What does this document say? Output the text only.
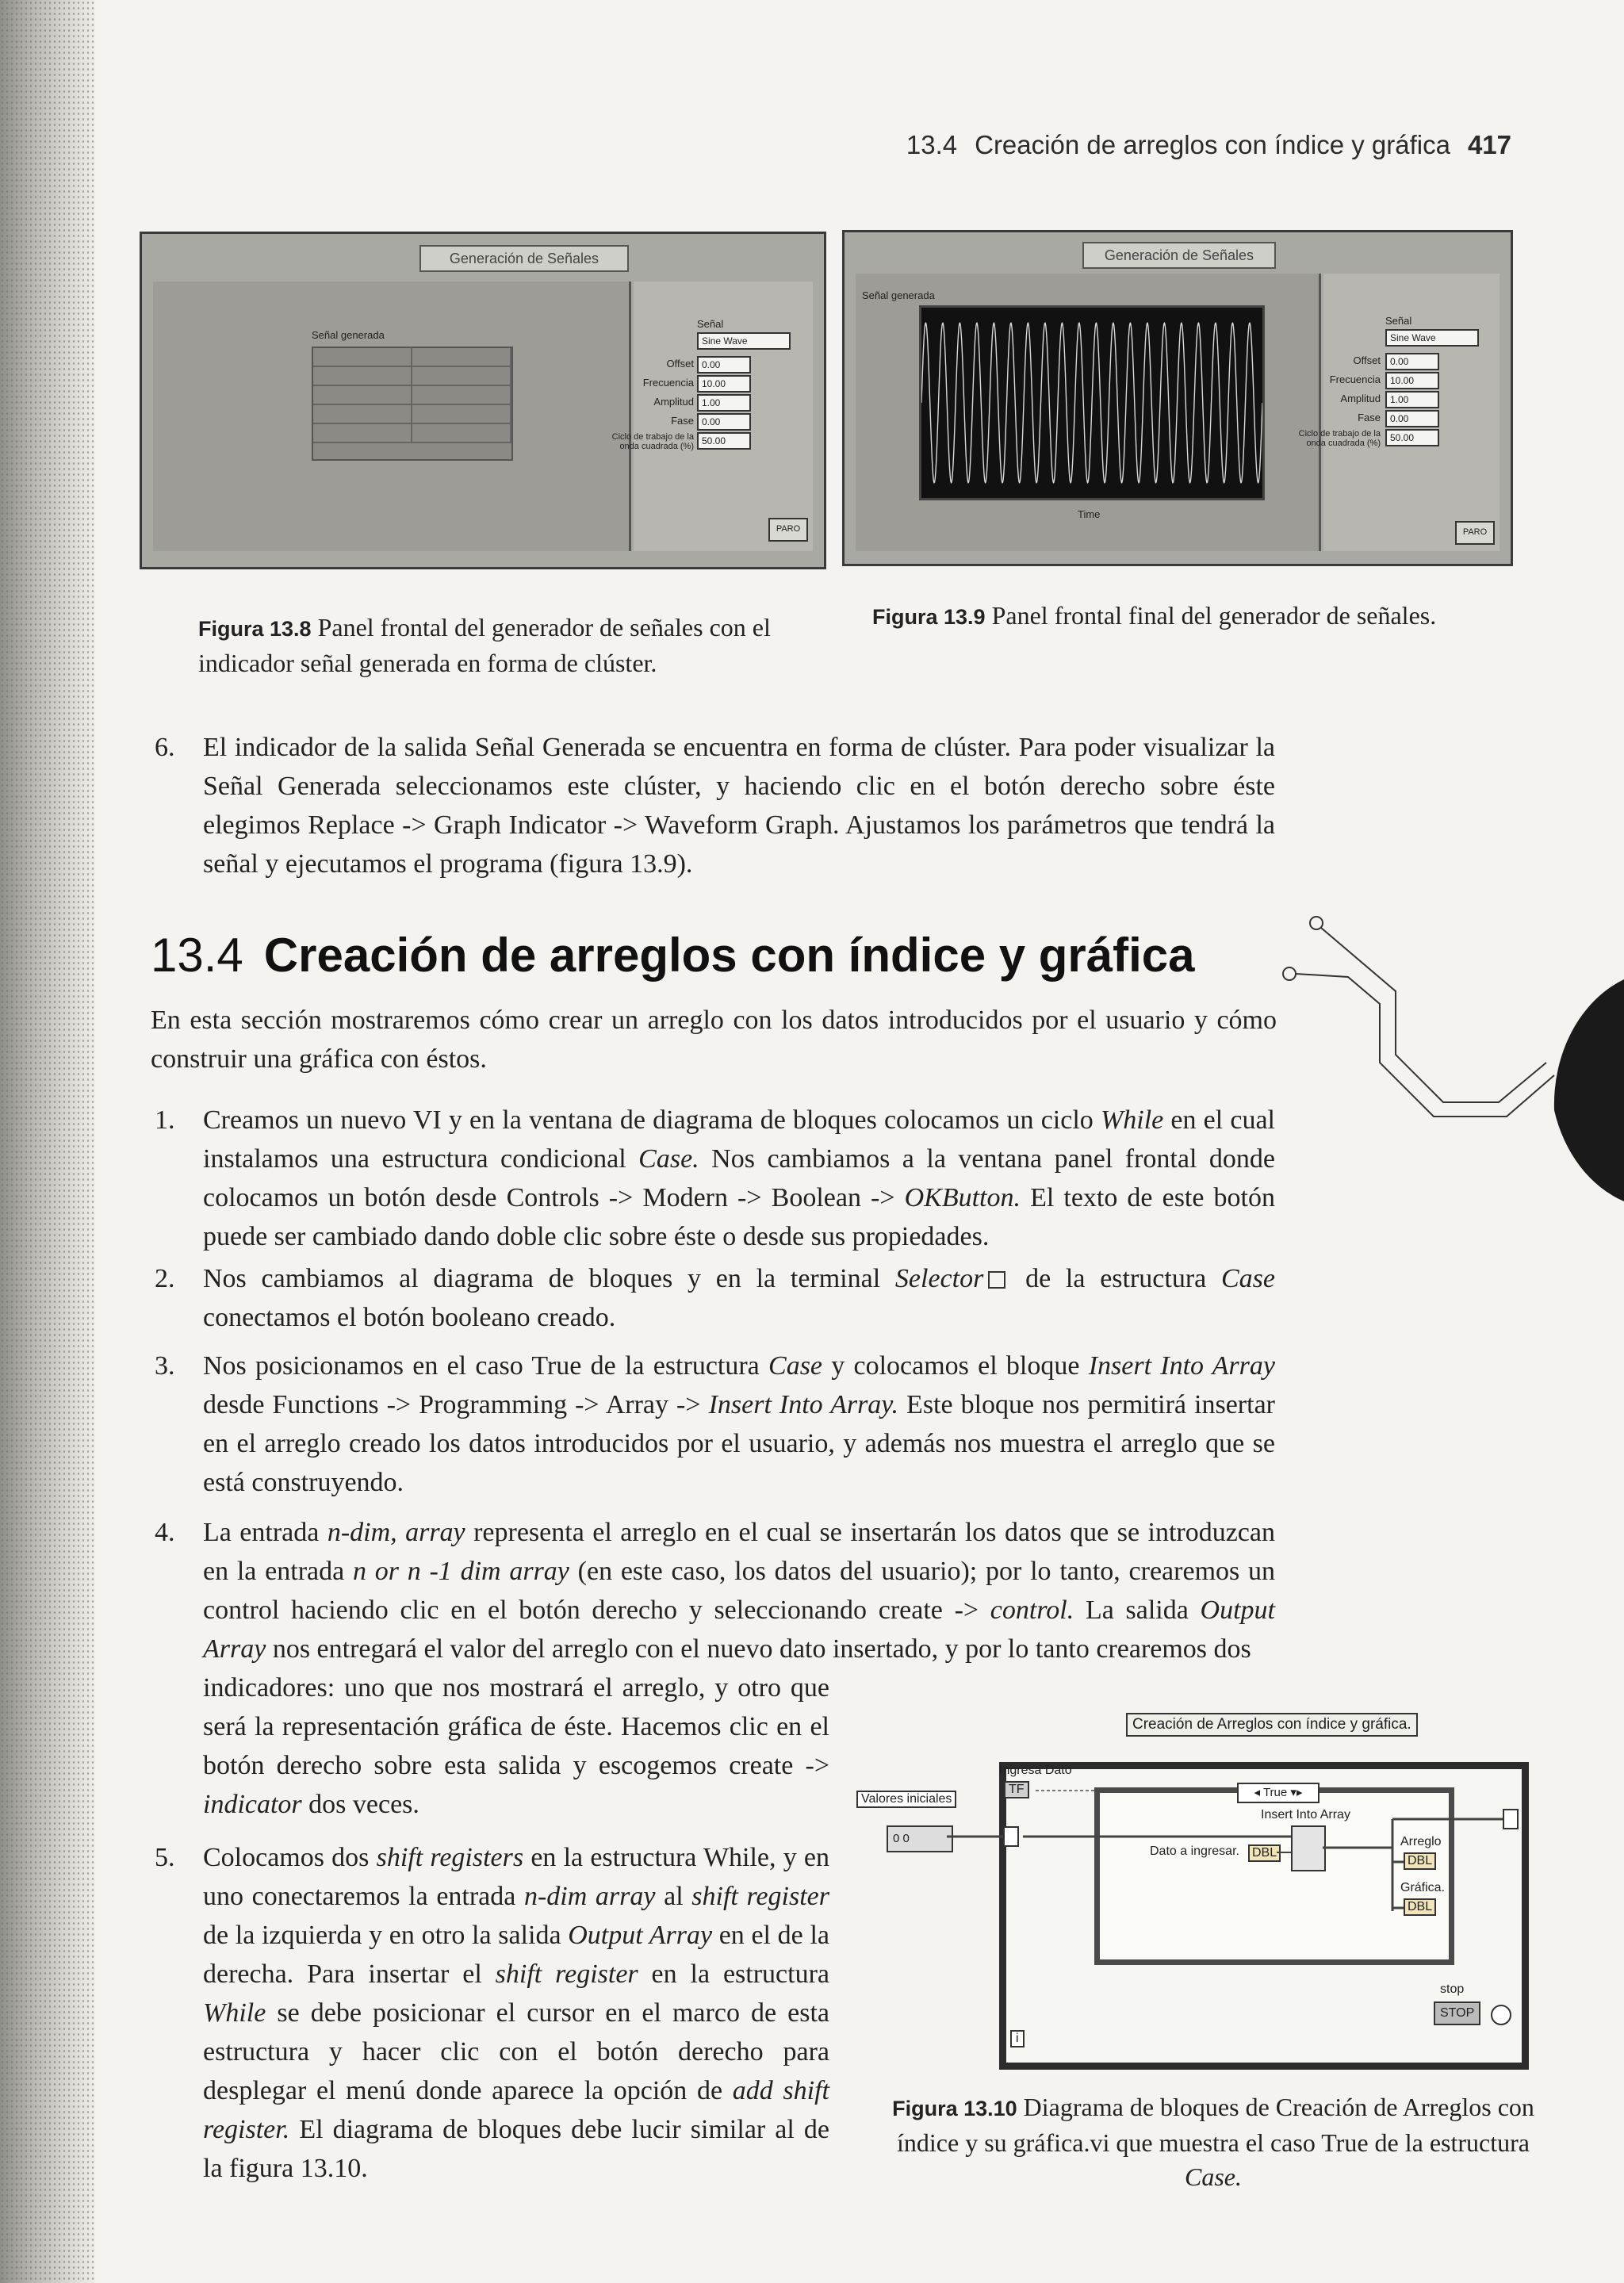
13.4 Creación de arreglos con índice y gráfica 417
Generación de Señales
Señal generada
Señal
Sine Wave
Offset 0.00
Frecuencia 10.00
Amplitud 1.00
Fase 0.00
Ciclo de trabajo de la onda cuadrada (%) 50.00
PARO
Generación de Señales
Señal generada
Time
Señal
Sine Wave
Offset	0.00
Frecuencia	10.00
Amplitud	1.00
Fase	0.00
Ciclo de trabajo de la onda cuadrada (%)	50.00
PARO
Figura 13.8 Panel frontal del generador de señales con el indicador señal generada en forma de clúster.
Figura 13.9 Panel frontal final del generador de señales.
6. El indicador de la salida Señal Generada se encuentra en forma de clúster. Para poder visualizar la Señal Generada seleccionamos este clúster, y haciendo clic en el botón derecho sobre éste elegimos Replace -> Graph Indicator -> Waveform Graph. Ajustamos los parámetros que tendrá la señal y ejecutamos el programa (figura 13.9).
13.4 Creación de arreglos con índice y gráfica
En esta sección mostraremos cómo crear un arreglo con los datos introducidos por el usuario y cómo construir una gráfica con éstos.
1. Creamos un nuevo VI y en la ventana de diagrama de bloques colocamos un ciclo While en el cual instalamos una estructura condicional Case. Nos cambiamos a la ventana panel frontal donde colocamos un botón desde Controls -> Modern -> Boolean -> OKButton. El texto de este botón puede ser cambiado dando doble clic sobre éste o desde sus propiedades.
2. Nos cambiamos al diagrama de bloques y en la terminal Selector de la estructura Case conectamos el botón booleano creado.
3. Nos posicionamos en el caso True de la estructura Case y colocamos el bloque Insert Into Array desde Functions -> Programming -> Array -> Insert Into Array. Este bloque nos permitirá insertar en el arreglo creado los datos introducidos por el usuario, y además nos muestra el arreglo que se está construyendo.
4. La entrada n-dim, array representa el arreglo en el cual se insertarán los datos que se introduzcan en la entrada n or n -1 dim array (en este caso, los datos del usuario); por lo tanto, crearemos un control haciendo clic en el botón derecho y seleccionando create -> control. La salida Output Array nos entregará el valor del arreglo con el nuevo dato insertado, y por lo tanto crearemos dos
indicadores: uno que nos mostrará el arreglo, y otro que será la representación gráfica de éste. Hacemos clic en el botón derecho sobre esta salida y escogemos create -> indicator dos veces.
5. Colocamos dos shift registers en la estructura While, y en uno conectaremos la entrada n-dim array al shift register de la izquierda y en otro la salida Output Array en el de la derecha. Para insertar el shift register en la estructura While se debe posicionar el cursor en el marco de esta estructura y hacer clic con el botón derecho para desplegar el menú donde aparece la opción de add shift register. El diagrama de bloques debe lucir similar al de la figura 13.10.
Creación de Arreglos con índice y gráfica.
◂ True ▾▸
Valores iniciales
0 0
Ingresa Dato
TF
Insert Into Array
Dato a ingresar.	DBL
Arreglo
DBL
Gráfica.
DBL
stop
STOP
i
Figura 13.10 Diagrama de bloques de Creación de Arreglos con índice y su gráfica.vi que muestra el caso True de la estructura Case.
